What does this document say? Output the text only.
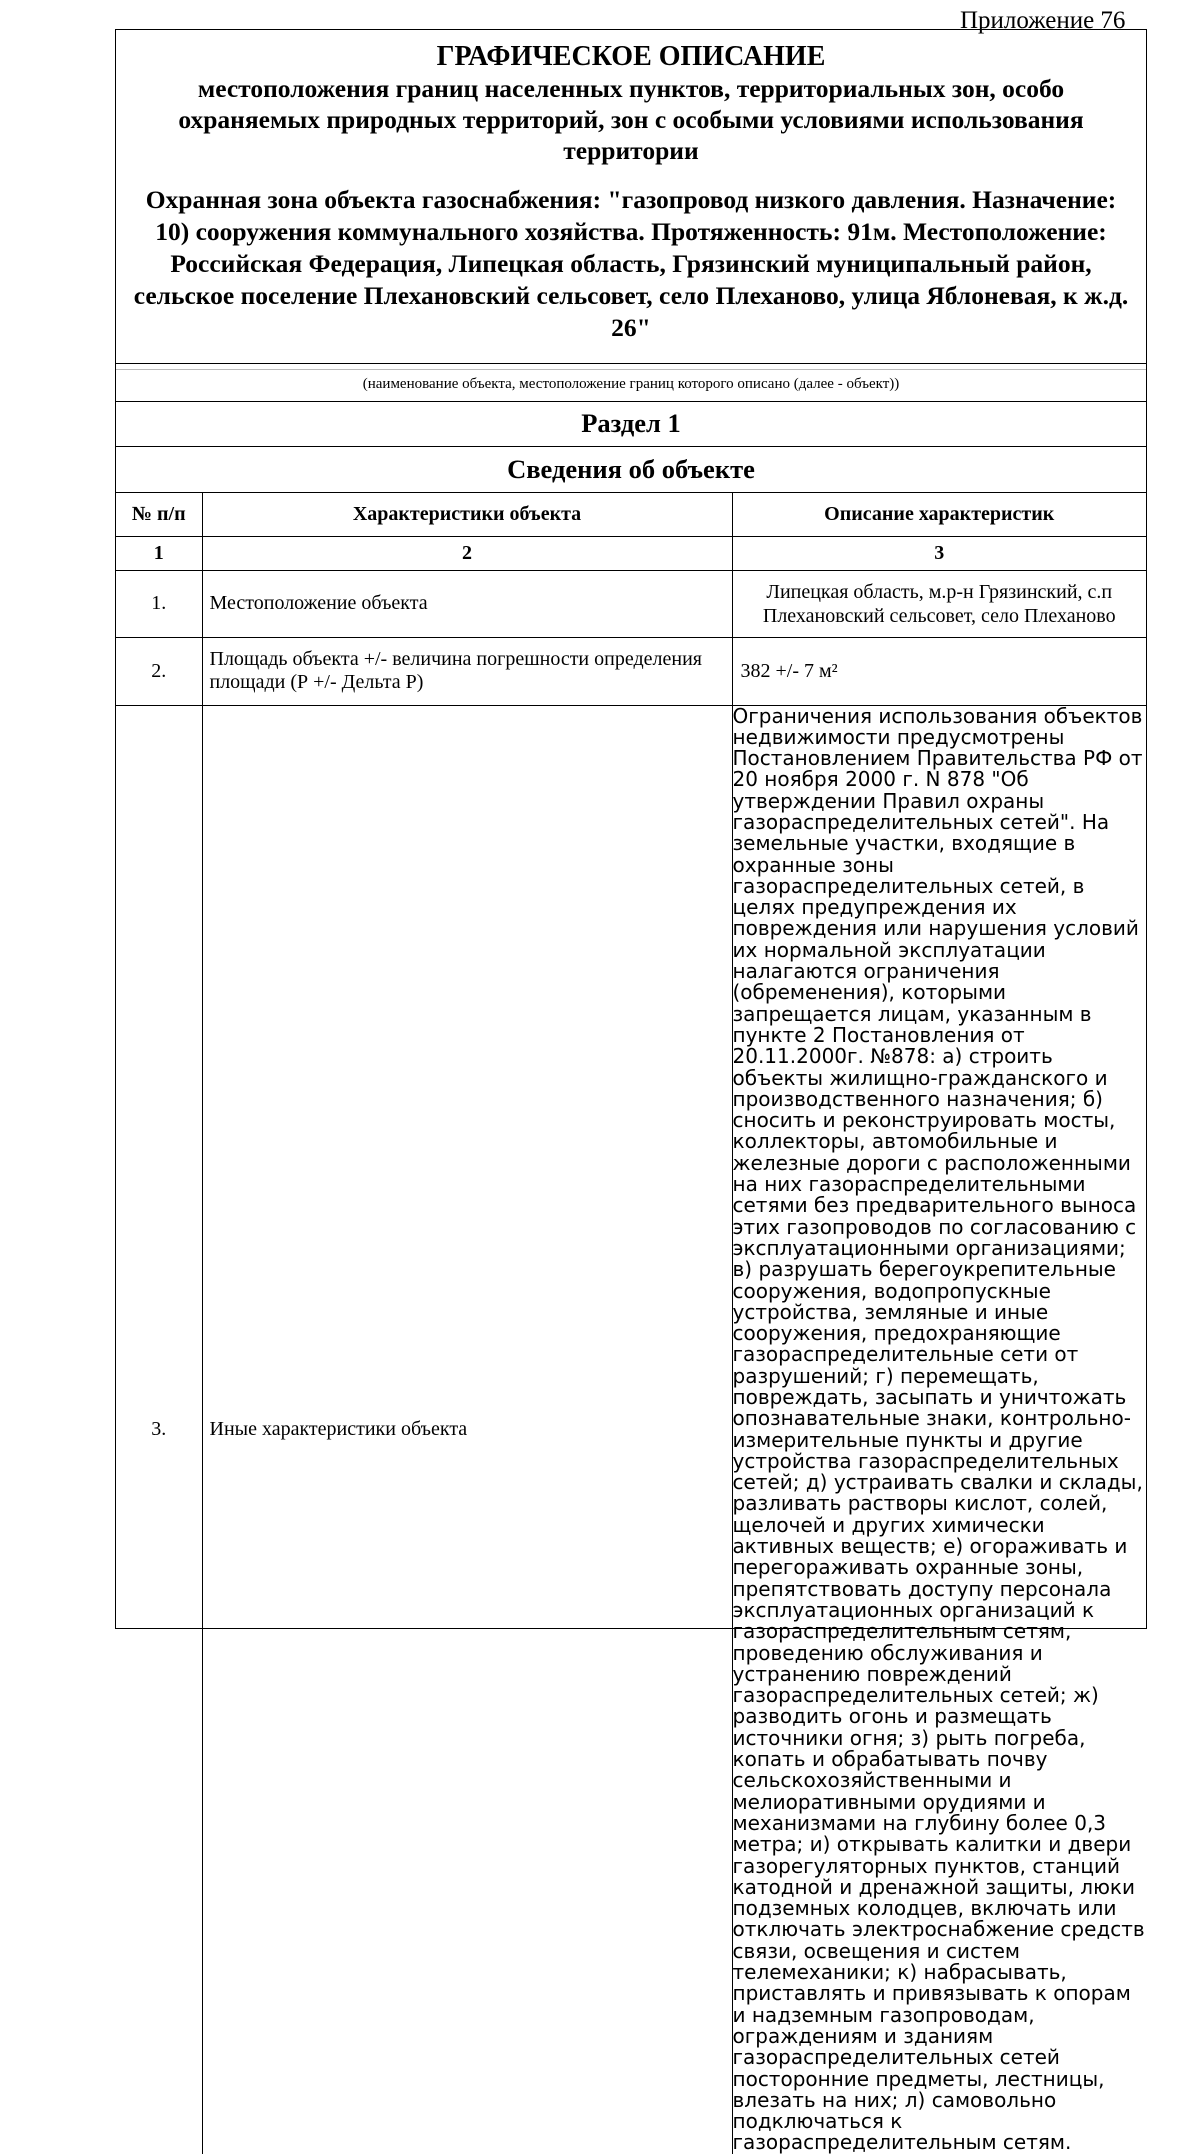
Приложение 76
ГРАФИЧЕСКОЕ ОПИСАНИЕ
местоположения границ населенных пунктов, территориальных зон, особо охраняемых природных территорий, зон с особыми условиями использования территории
Охранная зона объекта газоснабжения: "газопровод низкого давления. Назначение: 10) сооружения коммунального хозяйства. Протяженность: 91м. Местоположение: Российская Федерация, Липецкая область, Грязинский муниципальный район, сельское поселение Плехановский сельсовет, село Плеханово, улица Яблоневая, к ж.д. 26"
(наименование объекта, местоположение границ которого описано (далее - объект))
Раздел 1
Сведения об объекте
№ п/п	Характеристики объекта	Описание характеристик
1	2	3
1.	Местоположение объекта	Липецкая область, м.р-н Грязинский, с.п Плехановский сельсовет, село Плеханово
2.	Площадь объекта +/- величина погрешности определения площади (Р +/- Дельта Р)	382 +/- 7 м²
3.	Иные характеристики объекта	Ограничения использования объектов недвижимости предусмотрены Постановлением Правительства РФ от 20 ноября 2000 г. N 878 "Об утверждении Правил охраны газораспределительных сетей". На земельные участки, входящие в охранные зоны газораспределительных сетей, в целях предупреждения их повреждения или нарушения условий их нормальной эксплуатации налагаются ограничения (обременения), которыми запрещается лицам, указанным в пункте 2 Постановления от 20.11.2000г. №878: а) строить объекты жилищно-гражданского и производственного назначения; б) сносить и реконструировать мосты, коллекторы, автомобильные и железные дороги с расположенными на них газораспределительными сетями без предварительного выноса этих газопроводов по согласованию с эксплуатационными организациями; в) разрушать берегоукрепительные сооружения, водопропускные устройства, земляные и иные сооружения, предохраняющие газораспределительные сети от разрушений; г) перемещать, повреждать, засыпать и уничтожать опознавательные знаки, контрольно-измерительные пункты и другие устройства газораспределительных сетей; д) устраивать свалки и склады, разливать растворы кислот, солей, щелочей и других химически активных веществ; е) огораживать и перегораживать охранные зоны, препятствовать доступу персонала эксплуатационных организаций к газораспределительным сетям, проведению обслуживания и устранению повреждений газораспределительных сетей; ж) разводить огонь и размещать источники огня; з) рыть погреба, копать и обрабатывать почву сельскохозяйственными и мелиоративными орудиями и механизмами на глубину более 0,3 метра; и) открывать калитки и двери газорегуляторных пунктов, станций катодной и дренажной защиты, люки подземных колодцев, включать или отключать электроснабжение средств связи, освещения и систем телемеханики; к) набрасывать, приставлять и привязывать к опорам и надземным газопроводам, ограждениям и зданиям газораспределительных сетей посторонние предметы, лестницы, влезать на них; л) самовольно подключаться к газораспределительным сетям.
